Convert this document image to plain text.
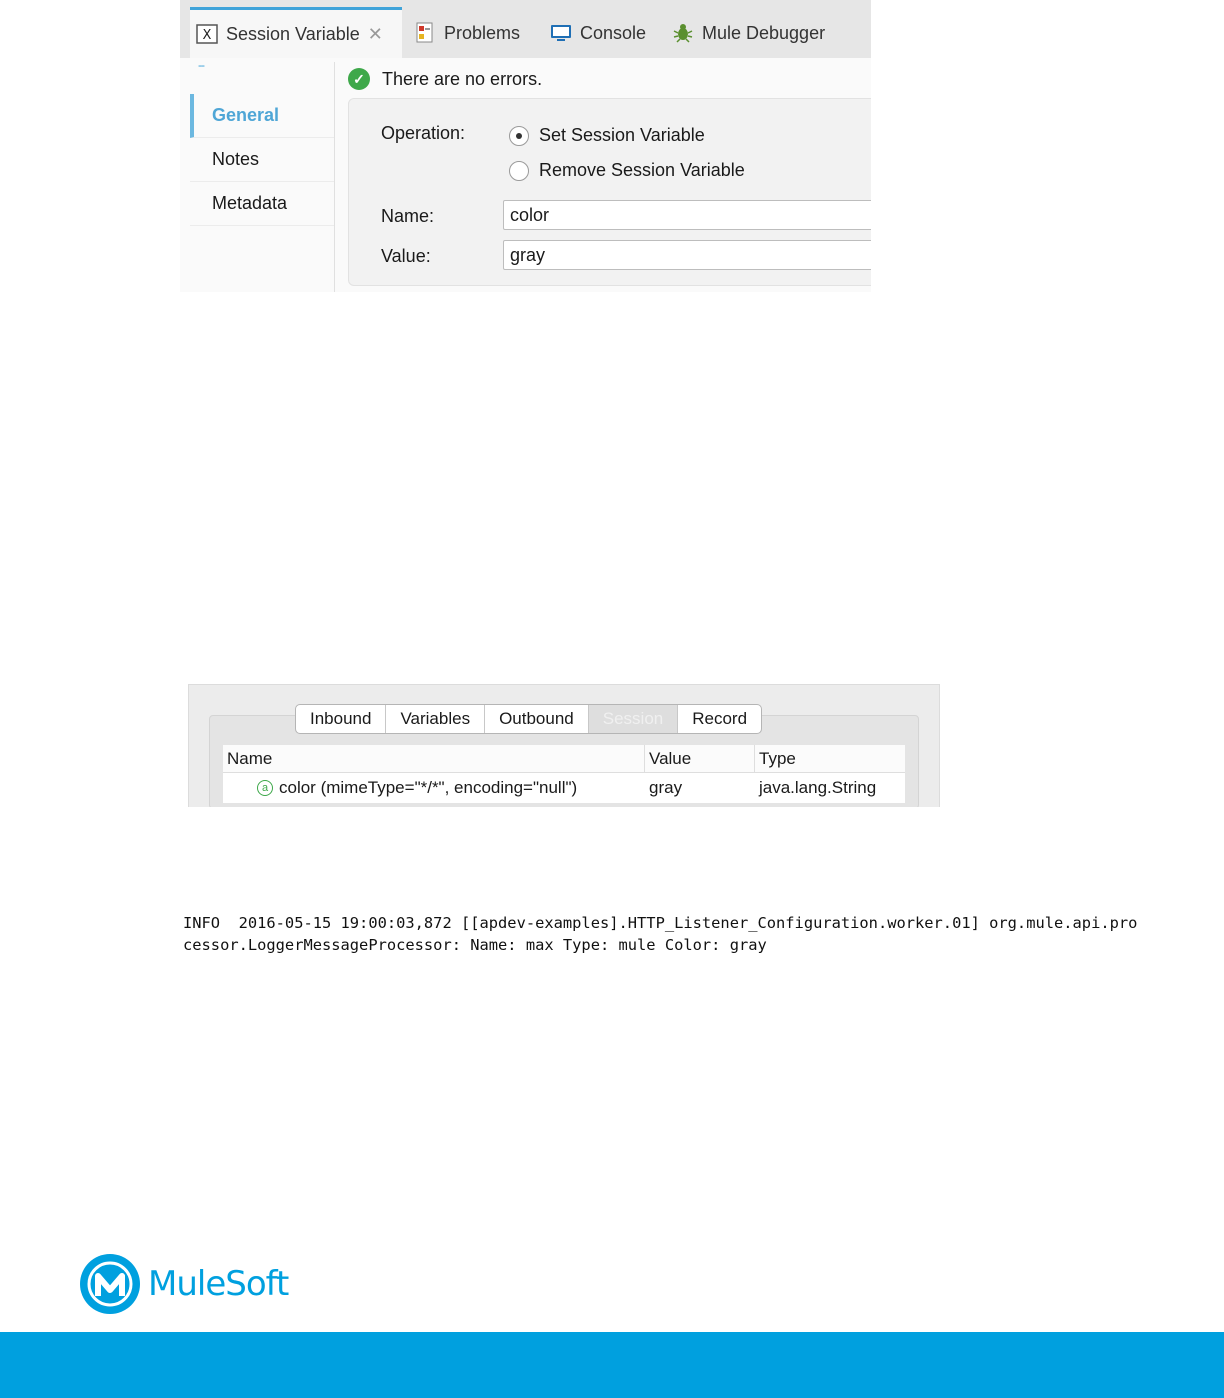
X Session Variable ✕	Problems	Console	Mule Debugger
--
General
Notes
Metadata
✓ There are no errors.
Operation:	Set Session Variable
Remove Session Variable
Name:	color
Value:	gray
Inbound	Variables	Outbound	Session	Record
Name	Value	Type
a color (mimeType="*/*", encoding="null")	gray	java.lang.String
INFO  2016-05-15 19:00:03,872 [[apdev-examples].HTTP_Listener_Configuration.worker.01] org.mule.api.pro
cessor.LoggerMessageProcessor: Name: max Type: mule Color: gray
MuleSoft
